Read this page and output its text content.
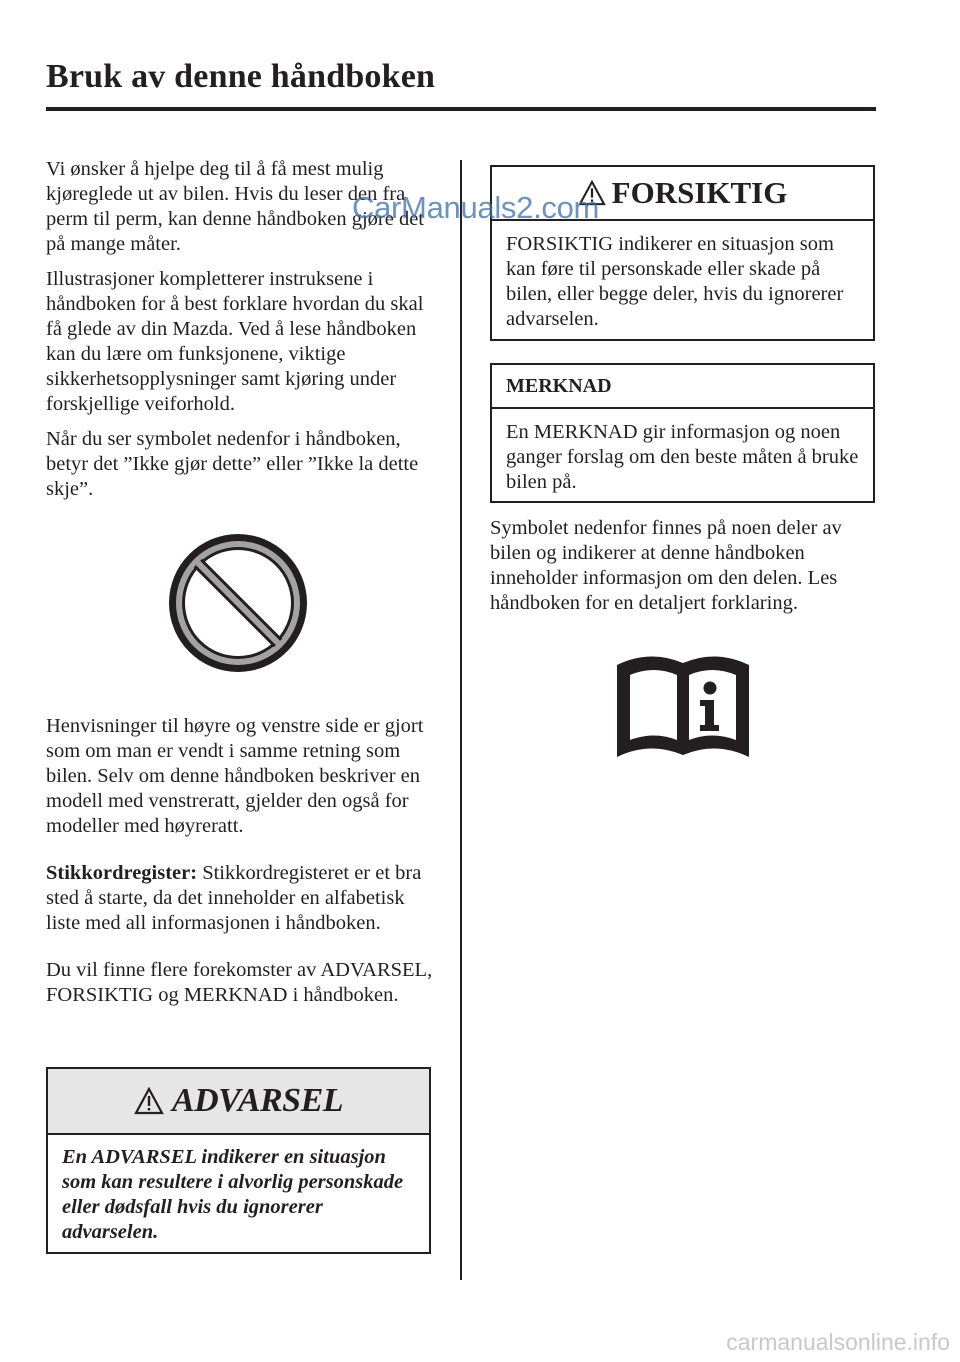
Bruk av denne håndboken

Vi ønsker å hjelpe deg til å få mest mulig kjøreglede ut av bilen. Hvis du leser den fra perm til perm, kan denne håndboken gjøre det på mange måter.

Illustrasjoner kompletterer instruksene i håndboken for å best forklare hvordan du skal få glede av din Mazda. Ved å lese håndboken kan du lære om funksjonene, viktige sikkerhetsopplysninger samt kjøring under forskjellige veiforhold.

Når du ser symbolet nedenfor i håndboken, betyr det ”Ikke gjør dette” eller ”Ikke la dette skje”.

Henvisninger til høyre og venstre side er gjort som om man er vendt i samme retning som bilen. Selv om denne håndboken beskriver en modell med venstreratt, gjelder den også for modeller med høyreratt.

Stikkordregister: Stikkordregisteret er et bra sted å starte, da det inneholder en alfabetisk liste med all informasjonen i håndboken.

Du vil finne flere forekomster av ADVARSEL, FORSIKTIG og MERKNAD i håndboken.

ADVARSEL
En ADVARSEL indikerer en situasjon som kan resultere i alvorlig personskade eller dødsfall hvis du ignorerer advarselen.
FORSIKTIG
FORSIKTIG indikerer en situasjon som kan føre til personskade eller skade på bilen, eller begge deler, hvis du ignorerer advarselen.
MERKNAD
En MERKNAD gir informasjon og noen ganger forslag om den beste måten å bruke bilen på.

Symbolet nedenfor finnes på noen deler av bilen og indikerer at denne håndboken inneholder informasjon om den delen. Les håndboken for en detaljert forklaring.

CarManuals2.com
carmanualsonline.info
